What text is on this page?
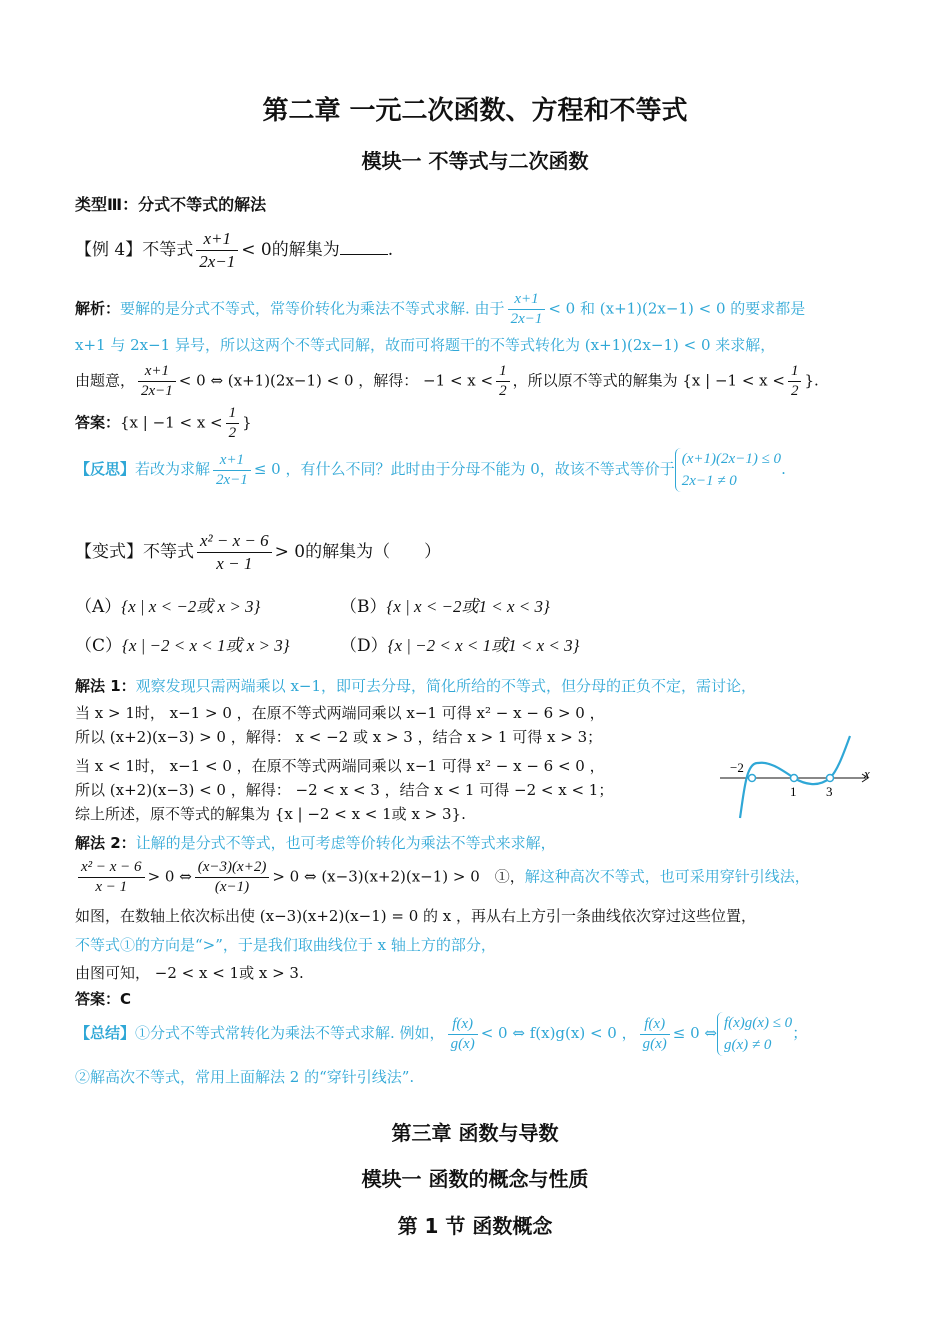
第二章 一元二次函数、方程和不等式
模块一 不等式与二次函数
类型Ⅲ：分式不等式的解法
【例 4】不等式 $\frac{x+1}{2x-1} < 0$的解集为	.
解析：要解的是分式不等式，常等价转化为乘法不等式求解. 由于 $\frac{x+1}{2x-1} < 0$ 和 (x+1)(2x−1) < 0 的要求都是
x+1 与 2x−1 异号，所以这两个不等式同解，故而可将题干的不等式转化为 (x+1)(2x−1) < 0 来求解，
由题意， $\frac{x+1}{2x-1} < 0$ ⇔ (x+1)(2x−1) < 0 ，解得： $-1 < x < \frac{1}{2}$ ，所以原不等式的解集为 {x | $-1 < x < \frac{1}{2}$ }.
答案：{x | $-1 < x < \frac{1}{2}$ }
【反思】若改为求解 $\frac{x+1}{2x-1} \le 0$ ，有什么不同？此时由于分母不能为 0，故该不等式等价于
(x+1)(2x−1) ≤ 0
2x−1 ≠ 0
.
【变式】不等式 $\frac{\text{x² − x − 6}}{x - 1} > 0$的解集为（　　）
（A）{x | x < −2或 x > 3}	（B）{x | x < −2或1 < x < 3}
（C）{x | −2 < x < 1或 x > 3}	（D）{x | −2 < x < 1或1 < x < 3}
解法 1：观察发现只需两端乘以 x−1，即可去分母，简化所给的不等式，但分母的正负不定，需讨论，
当 x > 1时， x−1 > 0 ，在原不等式两端同乘以 x−1 可得 x² − x − 6 > 0 ，
所以 (x+2)(x−3) > 0 ，解得： x < −2 或 x > 3 ，结合 x > 1 可得 x > 3；
当 x < 1时， x−1 < 0 ，在原不等式两端同乘以 x−1 可得 x² − x − 6 < 0 ，
所以 (x+2)(x−3) < 0 ，解得： −2 < x < 3 ，结合 x < 1 可得 −2 < x < 1；
综上所述，原不等式的解集为 {x | −2 < x < 1或 x > 3}.
−2
1 3
x
解法 2：让解的是分式不等式，也可考虑等价转化为乘法不等式来求解，
$\frac{\text{x² − x − 6}}{x - 1} > 0$ ⇔ $\frac{(x-3)(x+2)}{(x-1)} > 0$ ⇔ (x−3)(x+2)(x−1) > 0　①，解这种高次不等式，也可采用穿针引线法，
如图，在数轴上依次标出使 (x−3)(x+2)(x−1) = 0 的 x ，再从右上方引一条曲线依次穿过这些位置，
不等式①的方向是“>”，于是我们取曲线位于 x 轴上方的部分，
由图可知， −2 < x < 1或 x > 3.
答案：C
【总结】①分式不等式常转化为乘法不等式求解. 例如， $\frac{f(x)}{g(x)} < 0$ ⇔ f(x)g(x) < 0 ， $\frac{f(x)}{g(x)} \le 0$ ⇔
f(x)g(x) ≤ 0
g(x) ≠ 0
；
②解高次不等式，常用上面解法 2 的“穿针引线法”.
第三章 函数与导数
模块一 函数的概念与性质
第 1 节 函数概念
